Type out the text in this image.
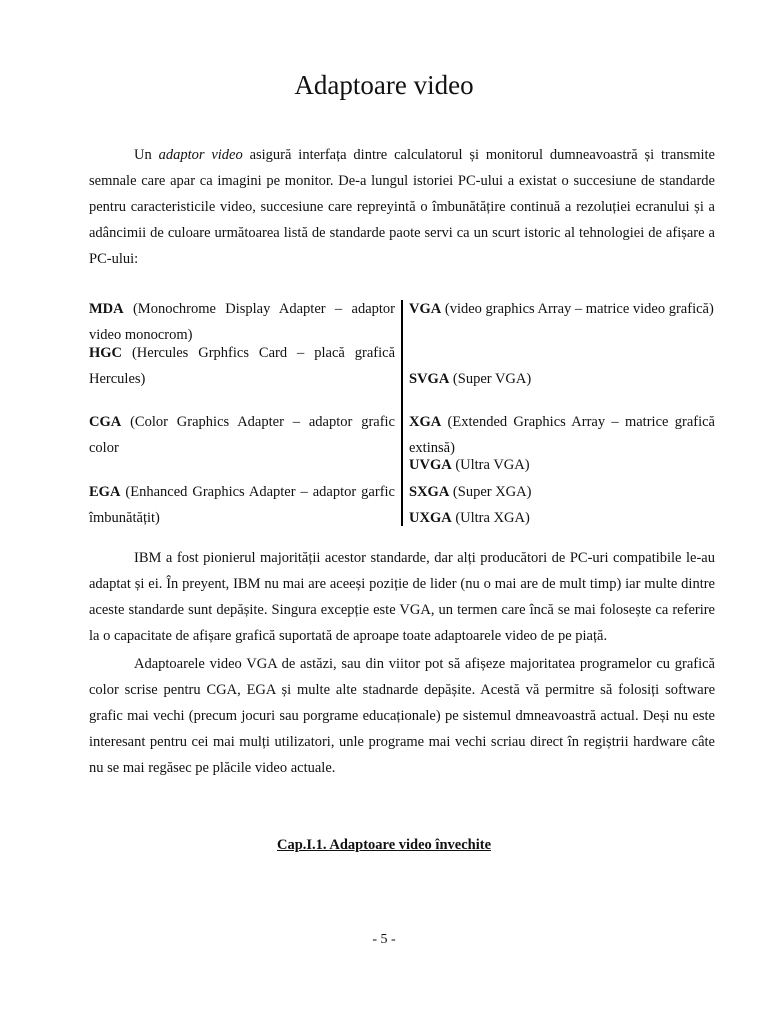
Adaptoare video

Un adaptor video asigură interfața dintre calculatorul și monitorul dumneavoastră și transmite semnale care apar ca imagini pe monitor. De-a lungul istoriei PC-ului a existat o succesiune de standarde pentru caracteristicile video, succesiune care repreyintă o îmbunătățire continuă a rezoluției ecranului și a adâncimii de culoare următoarea listă de standarde paote servi ca un scurt istoric al tehnologiei de afișare a PC-ului:

MDA (Monochrome Display Adapter – adaptor video monocrom)
HGC (Hercules Grphfics Card – placă grafică Hercules)
CGA (Color Graphics Adapter – adaptor grafic color
EGA (Enhanced Graphics Adapter – adaptor garfic îmbunătățit)
VGA (video graphics Array – matrice video grafică)
SVGA (Super VGA)
XGA (Extended Graphics Array – matrice grafică extinsă)
UVGA (Ultra VGA)
SXGA (Super XGA)
UXGA (Ultra XGA)

IBM a fost pionierul majorității acestor standarde, dar alți producători de PC-uri compatibile le-au adaptat și ei. În preyent, IBM nu mai are aceeși poziție de lider (nu o mai are de mult timp) iar multe dintre aceste standarde sunt depășite. Singura excepție este VGA, un termen care încă se mai folosește ca referire la o capacitate de afișare grafică suportată de aproape toate adaptoarele video de pe piață.

Adaptoarele video VGA de astăzi, sau din viitor pot să afișeze majoritatea programelor cu grafică color scrise pentru CGA, EGA și multe alte stadnarde depășite. Acestă vă permitre să folosiți software grafic mai vechi (precum jocuri sau porgrame educaționale) pe sistemul dmneavoastră actual. Deși nu este interesant pentru cei mai mulți utilizatori, unle programe mai vechi scriau direct în regiștrii hardware câte nu se mai regăsec pe plăcile video actuale.

Cap.I.1. Adaptoare video învechite
- 5 -
